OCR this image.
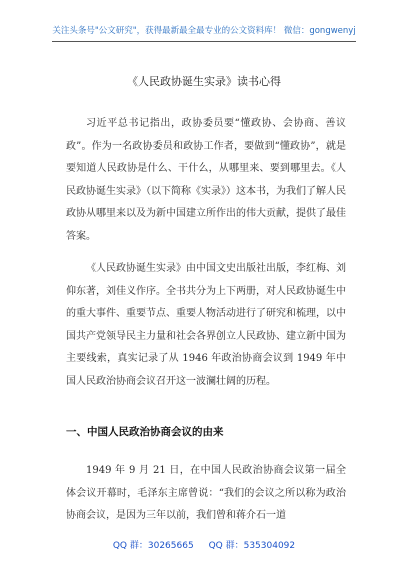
关注头条号"公文研究"，获得最新最全最专业的公文资料库！ 微信：gongwenyj
《人民政协诞生实录》读书心得

习近平总书记指出，政协委员要“懂政协、会协商、善议政”。作为一名政协委员和政协工作者，要做到“懂政协”，就是要知道人民政协是什么、干什么，从哪里来、要到哪里去。《人民政协诞生实录》（以下简称《实录》）这本书，为我们了解人民政协从哪里来以及为新中国建立所作出的伟大贡献，提供了最佳答案。

《人民政协诞生实录》由中国文史出版社出版，李红梅、刘仰东著，刘佳义作序。全书共分为上下两册，对人民政协诞生中的重大事件、重要节点、重要人物活动进行了研究和梳理，以中国共产党领导民主力量和社会各界创立人民政协、建立新中国为主要线索，真实记录了从 1946 年政治协商会议到 1949 年中国人民政治协商会议召开这一波澜壮阔的历程。

一、中国人民政治协商会议的由来

1949 年 9 月 21 日，在中国人民政治协商会议第一届全体会议开幕时，毛泽东主席曾说：“我们的会议之所以称为政治协商会议，是因为三年以前，我们曾和蒋介石一道

QQ 群：30265665 QQ 群：535304092
